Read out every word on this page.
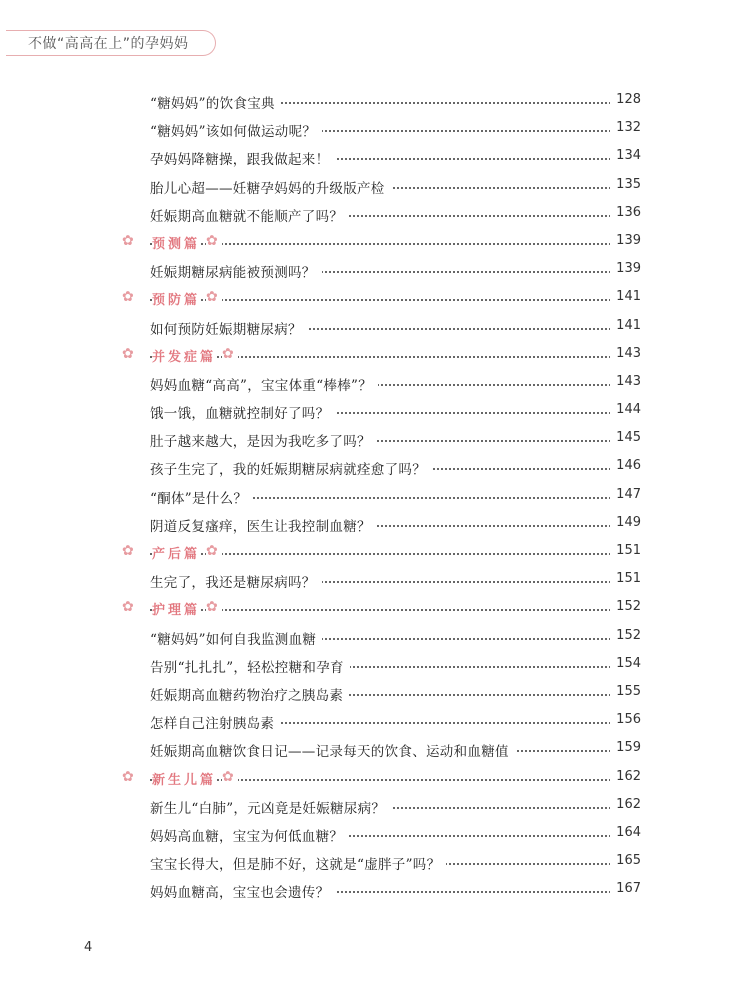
不做“高高在上”的孕妈妈
“糖妈妈”的饮食宝典	128
“糖妈妈”该如何做运动呢？	132
孕妈妈降糖操，跟我做起来！	134
胎儿心超——妊糖孕妈妈的升级版产检	135
妊娠期高血糖就不能顺产了吗？	136
✿ 预测篇 ✿	139
妊娠期糖尿病能被预测吗？	139
✿ 预防篇 ✿	141
如何预防妊娠期糖尿病？	141
✿ 并发症篇 ✿	143
妈妈血糖“高高”，宝宝体重“棒棒”？	143
饿一饿，血糖就控制好了吗？	144
肚子越来越大，是因为我吃多了吗？	145
孩子生完了，我的妊娠期糖尿病就痊愈了吗？	146
“酮体”是什么？	147
阴道反复瘙痒，医生让我控制血糖？	149
✿ 产后篇 ✿	151
生完了，我还是糖尿病吗？	151
✿ 护理篇 ✿	152
“糖妈妈”如何自我监测血糖	152
告别“扎扎扎”，轻松控糖和孕育	154
妊娠期高血糖药物治疗之胰岛素	155
怎样自己注射胰岛素	156
妊娠期高血糖饮食日记——记录每天的饮食、运动和血糖值	159
✿ 新生儿篇 ✿	162
新生儿“白肺”，元凶竟是妊娠糖尿病？	162
妈妈高血糖，宝宝为何低血糖？	164
宝宝长得大，但是肺不好，这就是“虚胖子”吗？	165
妈妈血糖高，宝宝也会遗传？	167
4
